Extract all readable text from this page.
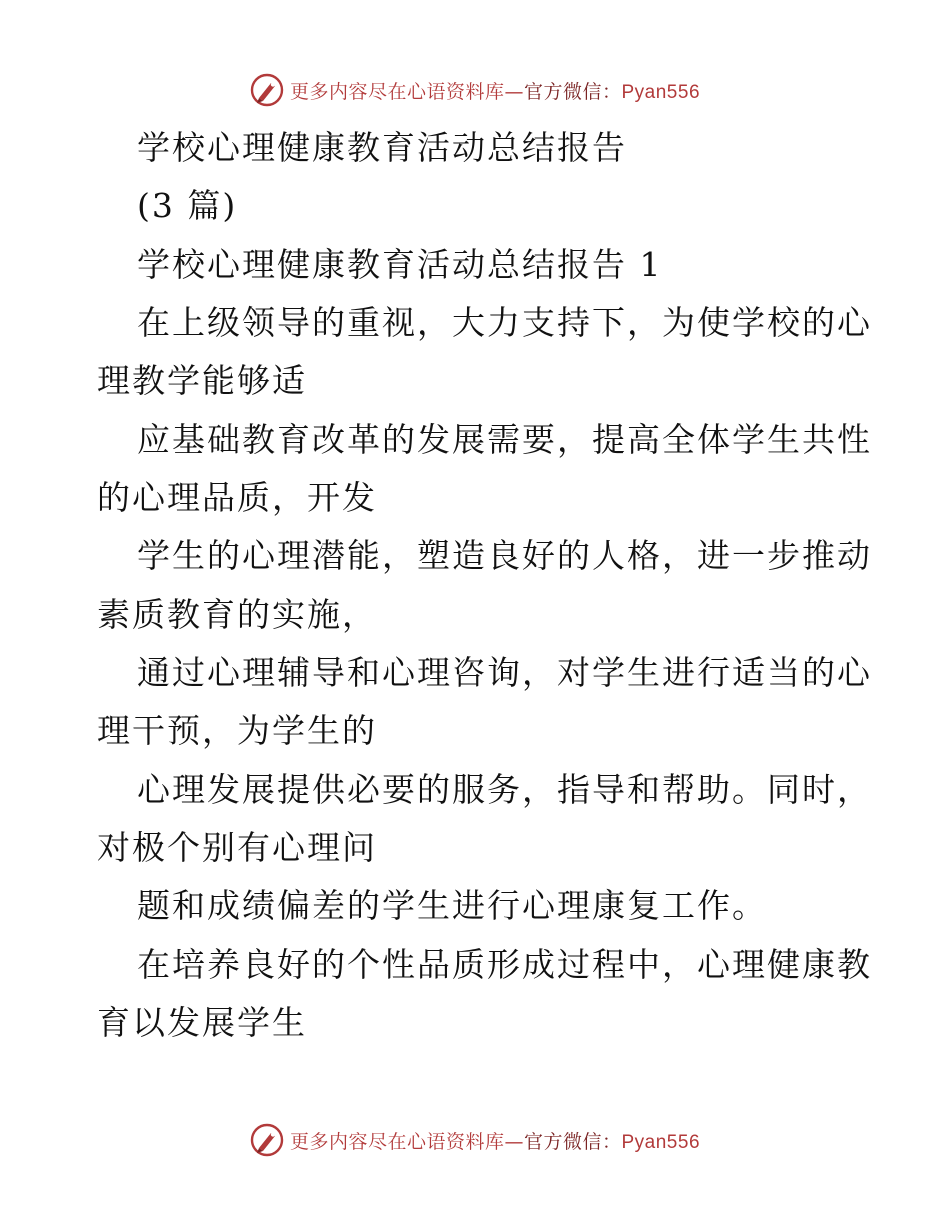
更多内容尽在心语资料库—官方微信：Pyan556
学校心理健康教育活动总结报告
(3 篇)
学校心理健康教育活动总结报告 1
在上级领导的重视，大力支持下，为使学校的心
理教学能够适
应基础教育改革的发展需要，提高全体学生共性
的心理品质，开发
学生的心理潜能，塑造良好的人格，进一步推动
素质教育的实施，
通过心理辅导和心理咨询，对学生进行适当的心
理干预，为学生的
心理发展提供必要的服务，指导和帮助。同时，
对极个别有心理问
题和成绩偏差的学生进行心理康复工作。
在培养良好的个性品质形成过程中，心理健康教
育以发展学生
更多内容尽在心语资料库—官方微信：Pyan556
